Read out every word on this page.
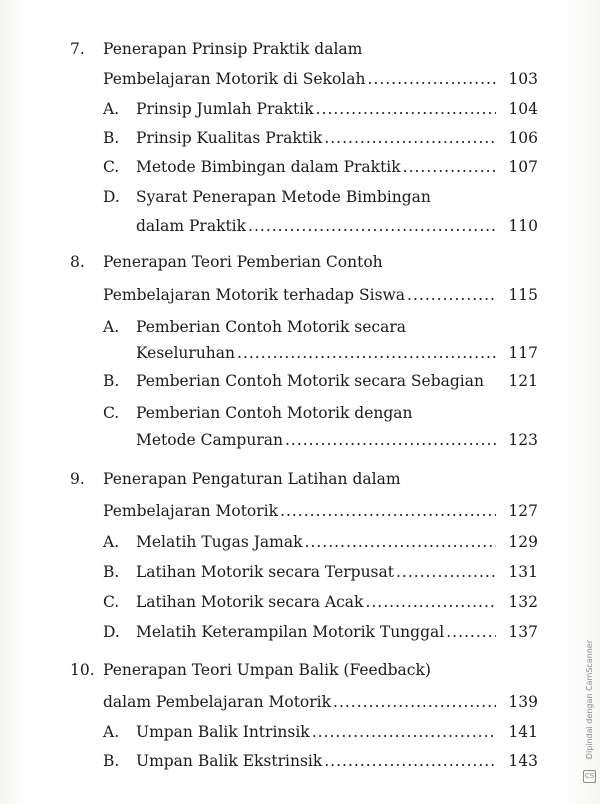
7. Penerapan Prinsip Praktik dalam
Pembelajaran Motorik di Sekolah .....	103
A. Prinsip Jumlah Praktik .....	104
B. Prinsip Kualitas Praktik .....	106
C. Metode Bimbingan dalam Praktik .....	107
D. Syarat Penerapan Metode Bimbingan
dalam Praktik .....	110
8. Penerapan Teori Pemberian Contoh
Pembelajaran Motorik terhadap Siswa .....	115
A. Pemberian Contoh Motorik secara
Keseluruhan .....	117
B. Pemberian Contoh Motorik secara Sebagian 121
C. Pemberian Contoh Motorik dengan
Metode Campuran .....	123
9. Penerapan Pengaturan Latihan dalam
Pembelajaran Motorik .....	127
A. Melatih Tugas Jamak .....	129
B. Latihan Motorik secara Terpusat .....	131
C. Latihan Motorik secara Acak .....	132
D. Melatih Keterampilan Motorik Tunggal .....	137
10. Penerapan Teori Umpan Balik (Feedback)
dalam Pembelajaran Motorik .....	139
A. Umpan Balik Intrinsik .....	141
B. Umpan Balik Ekstrinsik .....	143
Dipindai dengan CamScanner
CS
